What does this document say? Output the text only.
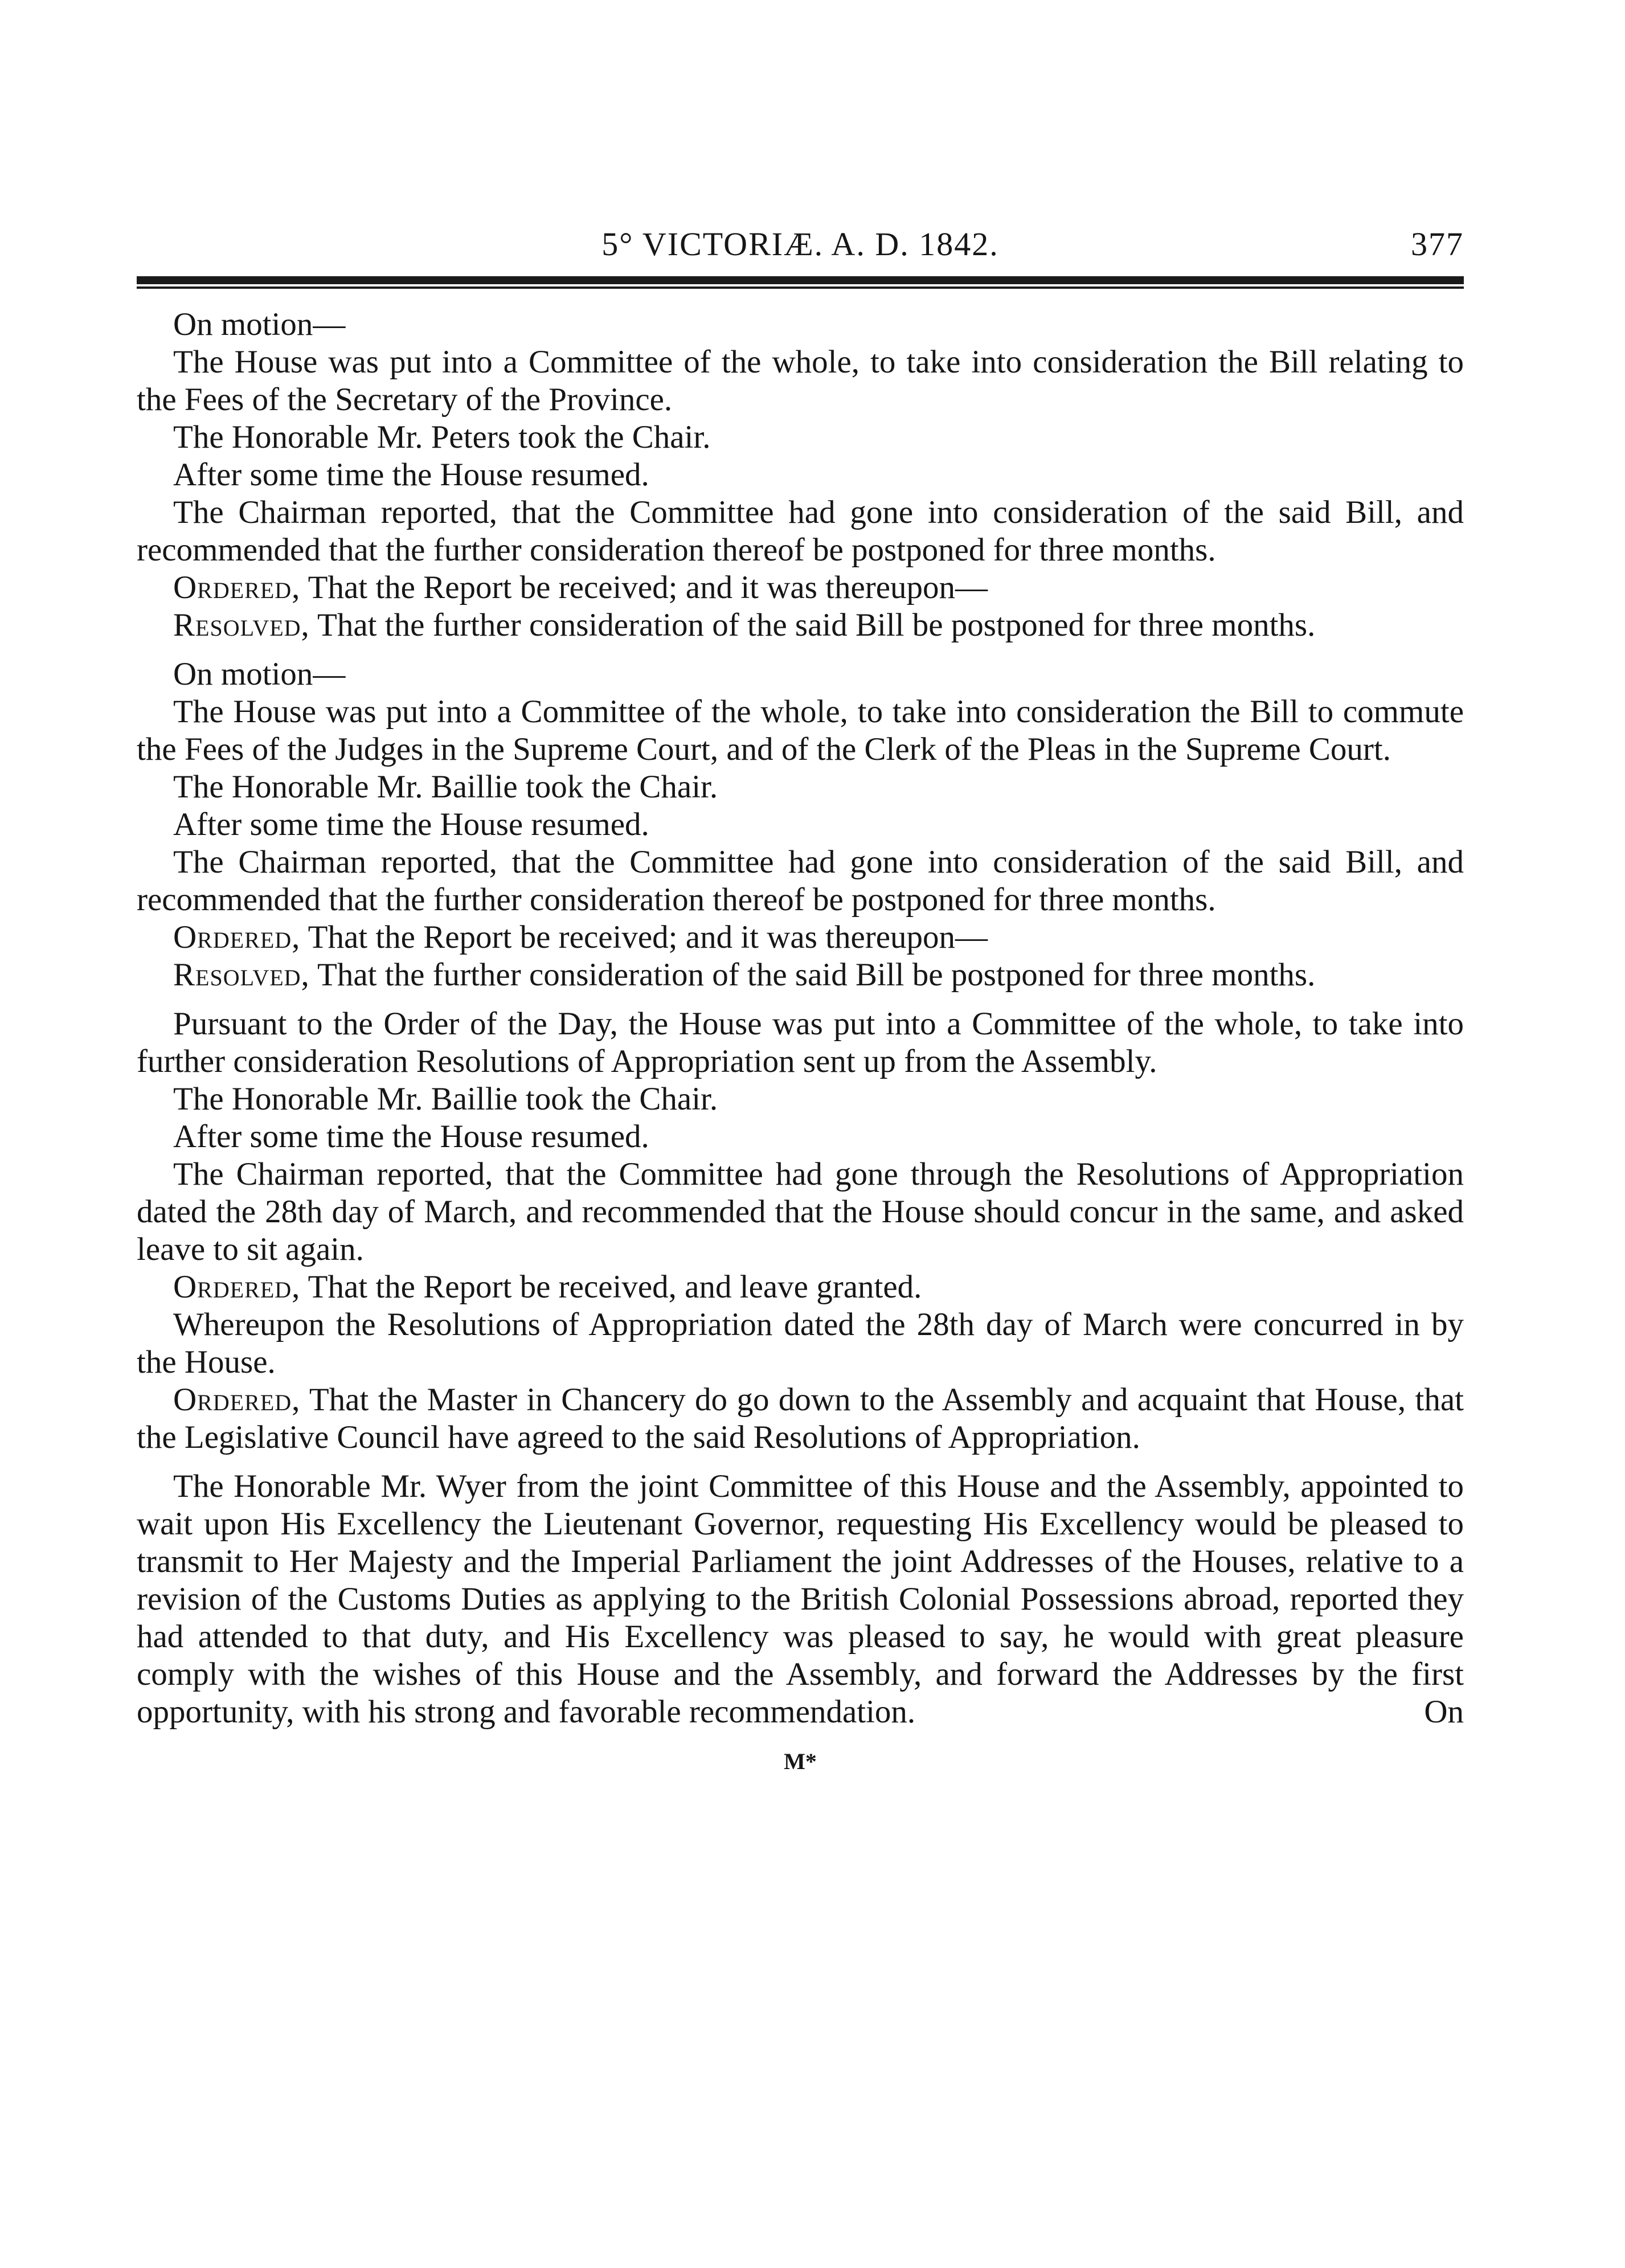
5° VICTORIÆ. A. D. 1842.	377

On motion—

The House was put into a Committee of the whole, to take into consideration the Bill relating to the Fees of the Secretary of the Province.

The Honorable Mr. Peters took the Chair.

After some time the House resumed.

The Chairman reported, that the Committee had gone into consideration of the said Bill, and recommended that the further consideration thereof be postponed for three months.

Ordered, That the Report be received; and it was thereupon—

Resolved, That the further consideration of the said Bill be postponed for three months.

On motion—

The House was put into a Committee of the whole, to take into consideration the Bill to commute the Fees of the Judges in the Supreme Court, and of the Clerk of the Pleas in the Supreme Court.

The Honorable Mr. Baillie took the Chair.

After some time the House resumed.

The Chairman reported, that the Committee had gone into consideration of the said Bill, and recommended that the further consideration thereof be postponed for three months.

Ordered, That the Report be received; and it was thereupon—

Resolved, That the further consideration of the said Bill be postponed for three months.

Pursuant to the Order of the Day, the House was put into a Committee of the whole, to take into further consideration Resolutions of Appropriation sent up from the Assembly.

The Honorable Mr. Baillie took the Chair.

After some time the House resumed.

The Chairman reported, that the Committee had gone through the Resolutions of Appropriation dated the 28th day of March, and recommended that the House should concur in the same, and asked leave to sit again.

Ordered, That the Report be received, and leave granted.

Whereupon the Resolutions of Appropriation dated the 28th day of March were concurred in by the House.

Ordered, That the Master in Chancery do go down to the Assembly and acquaint that House, that the Legislative Council have agreed to the said Resolutions of Appropriation.

The Honorable Mr. Wyer from the joint Committee of this House and the Assembly, appointed to wait upon His Excellency the Lieutenant Governor, requesting His Excellency would be pleased to transmit to Her Majesty and the Imperial Parliament the joint Addresses of the Houses, relative to a revision of the Customs Duties as applying to the British Colonial Possessions abroad, reported they had attended to that duty, and His Excellency was pleased to say, he would with great pleasure comply with the wishes of this House and the Assembly, and forward the Addresses by the first opportunity, with his strong and favorable recommendation.	On

M*
